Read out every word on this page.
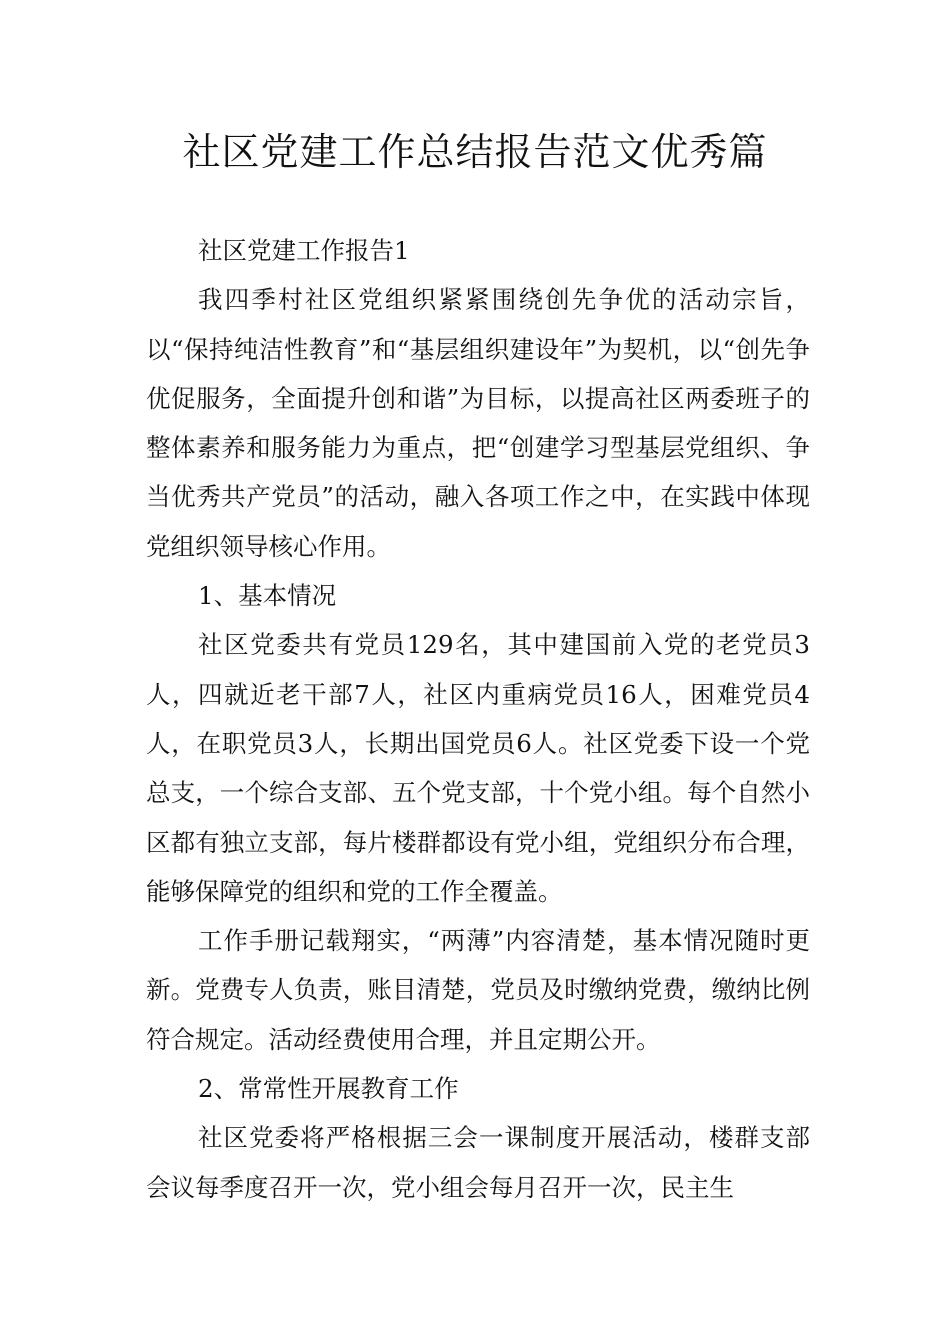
社区党建工作总结报告范文优秀篇

社区党建工作报告1

我四季村社区党组织紧紧围绕创先争优的活动宗旨，以“保持纯洁性教育”和“基层组织建设年”为契机，以“创先争优促服务，全面提升创和谐”为目标，以提高社区两委班子的整体素养和服务能力为重点，把“创建学习型基层党组织、争当优秀共产党员”的活动，融入各项工作之中，在实践中体现党组织领导核心作用。

1、基本情况

社区党委共有党员129名，其中建国前入党的老党员3人，四就近老干部7人，社区内重病党员16人，困难党员4人，在职党员3人，长期出国党员6人。社区党委下设一个党总支，一个综合支部、五个党支部，十个党小组。每个自然小区都有独立支部，每片楼群都设有党小组，党组织分布合理，能够保障党的组织和党的工作全覆盖。

工作手册记载翔实，“两薄”内容清楚，基本情况随时更新。党费专人负责，账目清楚，党员及时缴纳党费，缴纳比例符合规定。活动经费使用合理，并且定期公开。

2、常常性开展教育工作

社区党委将严格根据三会一课制度开展活动，楼群支部会议每季度召开一次，党小组会每月召开一次，民主生
